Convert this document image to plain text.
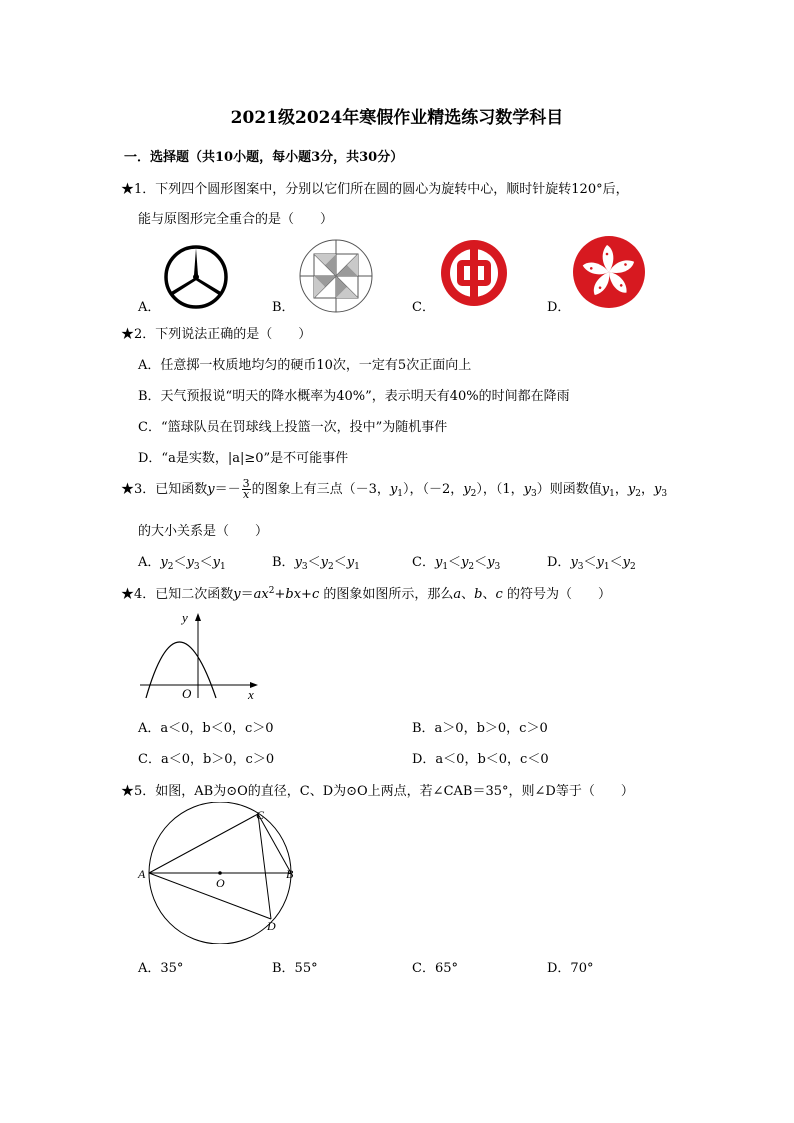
2021级2024年寒假作业精选练习数学科目
一．选择题（共10小题，每小题3分，共30分）
★1．下列四个圆形图案中，分别以它们所在圆的圆心为旋转中心，顺时针旋转120°后，
能与原图形完全重合的是（　　）
A．	B．	C．	D．
★2．下列说法正确的是（　　）
A．任意掷一枚质地均匀的硬币10次，一定有5次正面向上
B．天气预报说“明天的降水概率为40%”，表示明天有40%的时间都在降雨
C．“篮球队员在罚球线上投篮一次，投中”为随机事件
D．“a是实数，|a|≥0”是不可能事件
★3．已知函数$y=- \frac{3}{x}$ 的图象上有三点（－3，$y_1$），（－2，$y_2$），（1，$y_3$）则函数值$y_1$，$y_2$，$y_3$
的大小关系是（　　）
A．$y_2<y_3<y_1$	B．$y_3<y_2<y_1$	C．$y_1<y_2<y_3$	D．$y_3<y_1<y_2$
★4．已知二次函数$y=ax^2+bx+c$ 的图象如图所示，那么a、b、c 的符号为（　　）
y
x
O
A．a＜0，b＜0，c＞0	B．a＞0，b＞0，c＞0
C．a＜0，b＞0，c＞0	D．a＜0，b＜0，c＜0
★5．如图，AB为⊙O的直径，C、D为⊙O上两点，若∠CAB＝35°，则∠D等于（　　）
A	B
C
D
O
A．35°	B．55°	C．65°	D．70°
